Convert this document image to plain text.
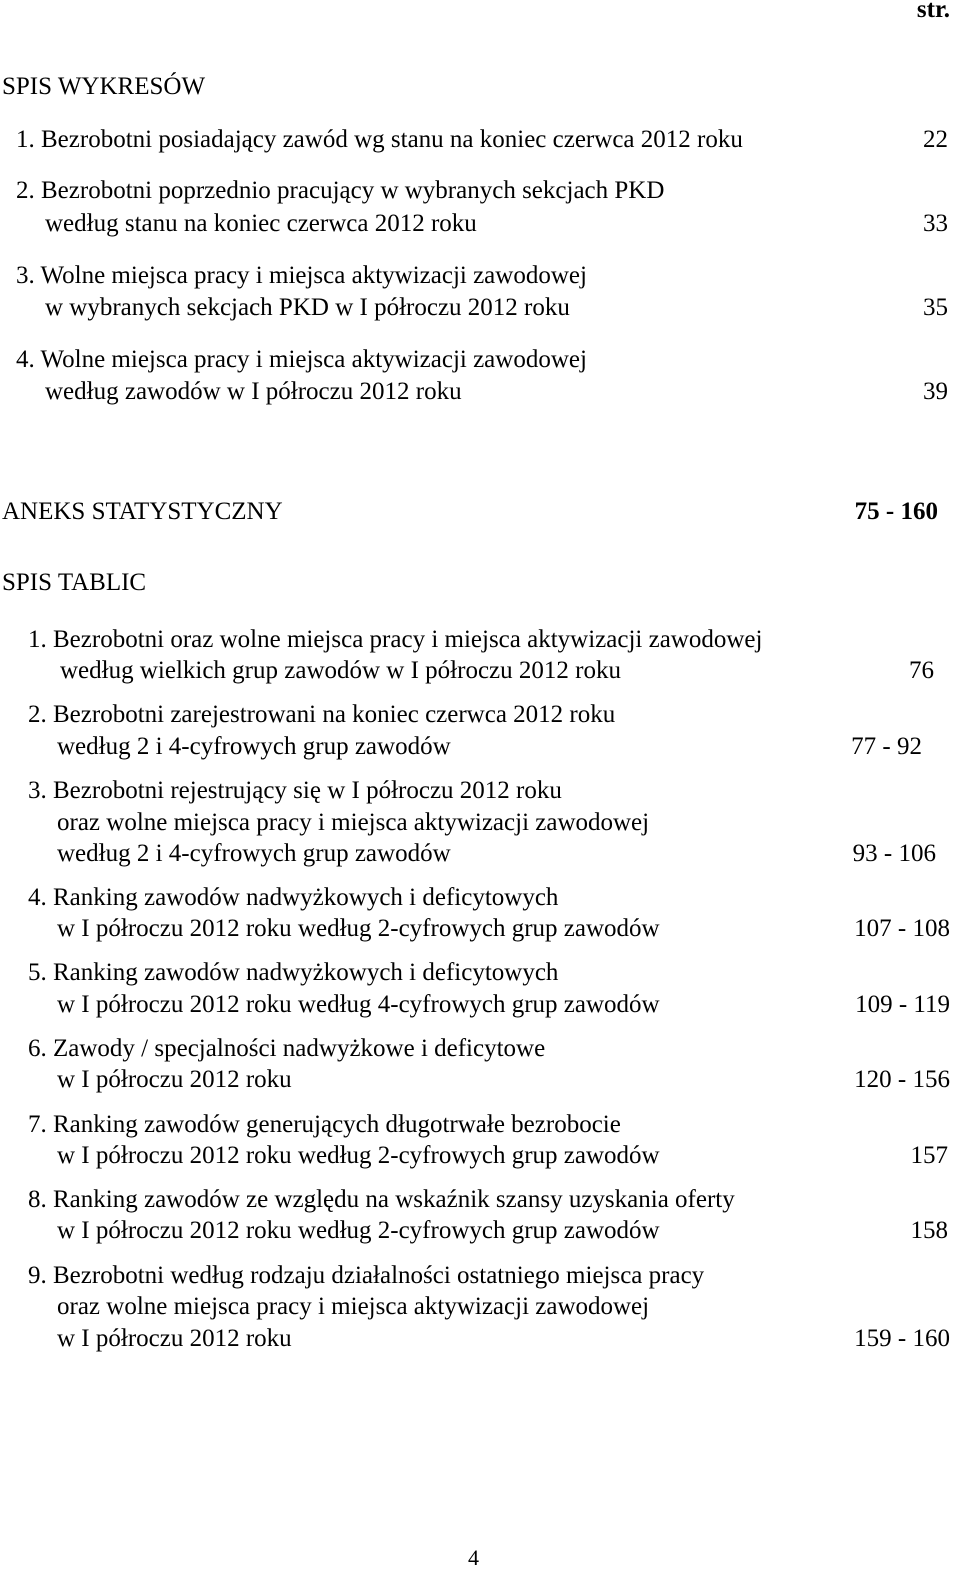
str.
SPIS WYKRESÓW
1. Bezrobotni posiadający zawód wg stanu na koniec czerwca 2012 roku	22
2. Bezrobotni poprzednio pracujący w wybranych sekcjach PKD
według stanu na koniec czerwca 2012 roku	33
3. Wolne miejsca pracy i miejsca aktywizacji zawodowej
w wybranych sekcjach PKD w I półroczu 2012 roku	35
4. Wolne miejsca pracy i miejsca aktywizacji zawodowej
według zawodów w I półroczu 2012 roku	39
ANEKS STATYSTYCZNY	75 - 160
SPIS TABLIC
1. Bezrobotni oraz wolne miejsca pracy i miejsca aktywizacji zawodowej
według wielkich grup zawodów w I półroczu 2012 roku	76
2. Bezrobotni zarejestrowani na koniec czerwca 2012 roku
według 2 i 4-cyfrowych grup zawodów	77 - 92
3. Bezrobotni rejestrujący się w I półroczu 2012 roku
oraz wolne miejsca pracy i miejsca aktywizacji zawodowej
według 2 i 4-cyfrowych grup zawodów	93 - 106
4. Ranking zawodów nadwyżkowych i deficytowych
w I półroczu 2012 roku według 2-cyfrowych grup zawodów	107 - 108
5. Ranking zawodów nadwyżkowych i deficytowych
w I półroczu 2012 roku według 4-cyfrowych grup zawodów	109 - 119
6. Zawody / specjalności nadwyżkowe i deficytowe
w I półroczu 2012 roku	120 - 156
7. Ranking zawodów generujących długotrwałe bezrobocie
w I półroczu 2012 roku według 2-cyfrowych grup zawodów	157
8. Ranking zawodów ze względu na wskaźnik szansy uzyskania oferty
w I półroczu 2012 roku według 2-cyfrowych grup zawodów	158
9. Bezrobotni według rodzaju działalności ostatniego miejsca pracy
oraz wolne miejsca pracy i miejsca aktywizacji zawodowej
w I półroczu 2012 roku	159 - 160
4
